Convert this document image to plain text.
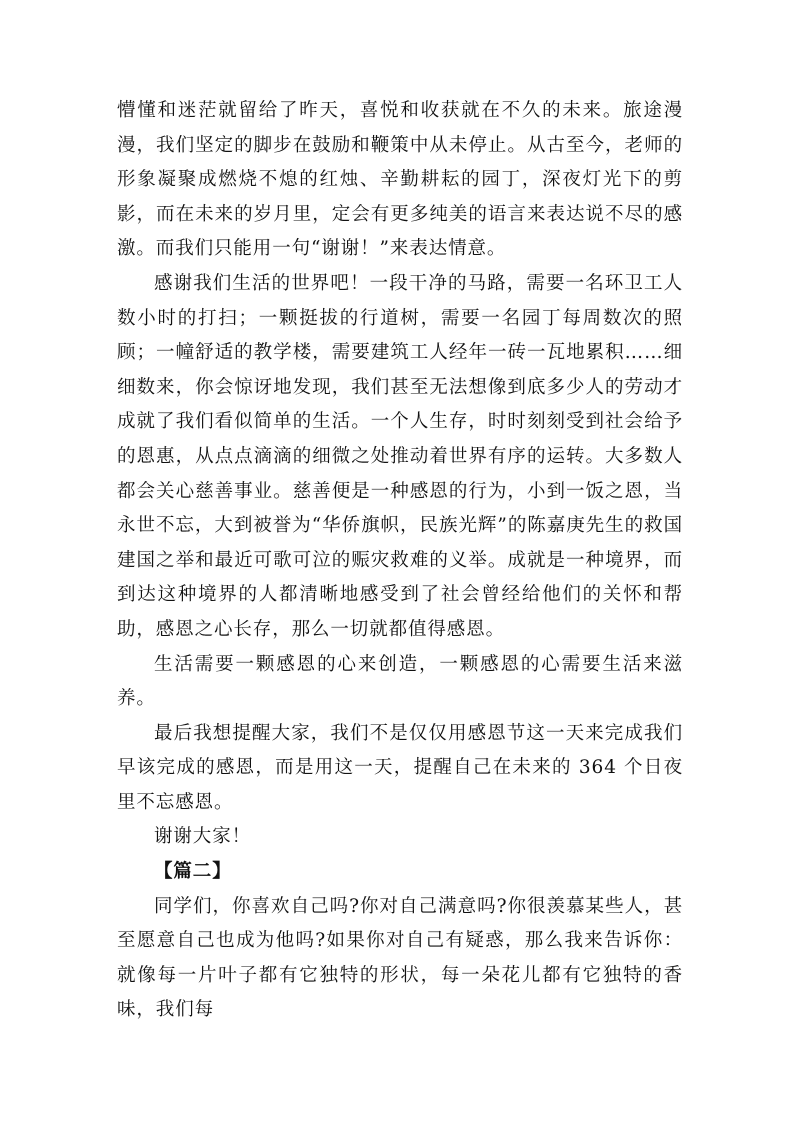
懵懂和迷茫就留给了昨天，喜悦和收获就在不久的未来。旅途漫漫，我们坚定的脚步在鼓励和鞭策中从未停止。从古至今，老师的形象凝聚成燃烧不熄的红烛、辛勤耕耘的园丁，深夜灯光下的剪影，而在未来的岁月里，定会有更多纯美的语言来表达说不尽的感激。而我们只能用一句“谢谢！”来表达情意。

感谢我们生活的世界吧！一段干净的马路，需要一名环卫工人数小时的打扫；一颗挺拔的行道树，需要一名园丁每周数次的照顾；一幢舒适的教学楼，需要建筑工人经年一砖一瓦地累积……细细数来，你会惊讶地发现，我们甚至无法想像到底多少人的劳动才成就了我们看似简单的生活。一个人生存，时时刻刻受到社会给予的恩惠，从点点滴滴的细微之处推动着世界有序的运转。大多数人都会关心慈善事业。慈善便是一种感恩的行为，小到一饭之恩，当永世不忘，大到被誉为“华侨旗帜，民族光辉”的陈嘉庚先生的救国建国之举和最近可歌可泣的赈灾救难的义举。成就是一种境界，而到达这种境界的人都清晰地感受到了社会曾经给他们的关怀和帮助，感恩之心长存，那么一切就都值得感恩。

生活需要一颗感恩的心来创造，一颗感恩的心需要生活来滋养。

最后我想提醒大家，我们不是仅仅用感恩节这一天来完成我们早该完成的感恩，而是用这一天，提醒自己在未来的 364 个日夜里不忘感恩。

谢谢大家！

【篇二】

同学们，你喜欢自己吗?你对自己满意吗?你很羡慕某些人，甚至愿意自己也成为他吗?如果你对自己有疑惑，那么我来告诉你：就像每一片叶子都有它独特的形状，每一朵花儿都有它独特的香味，我们每
